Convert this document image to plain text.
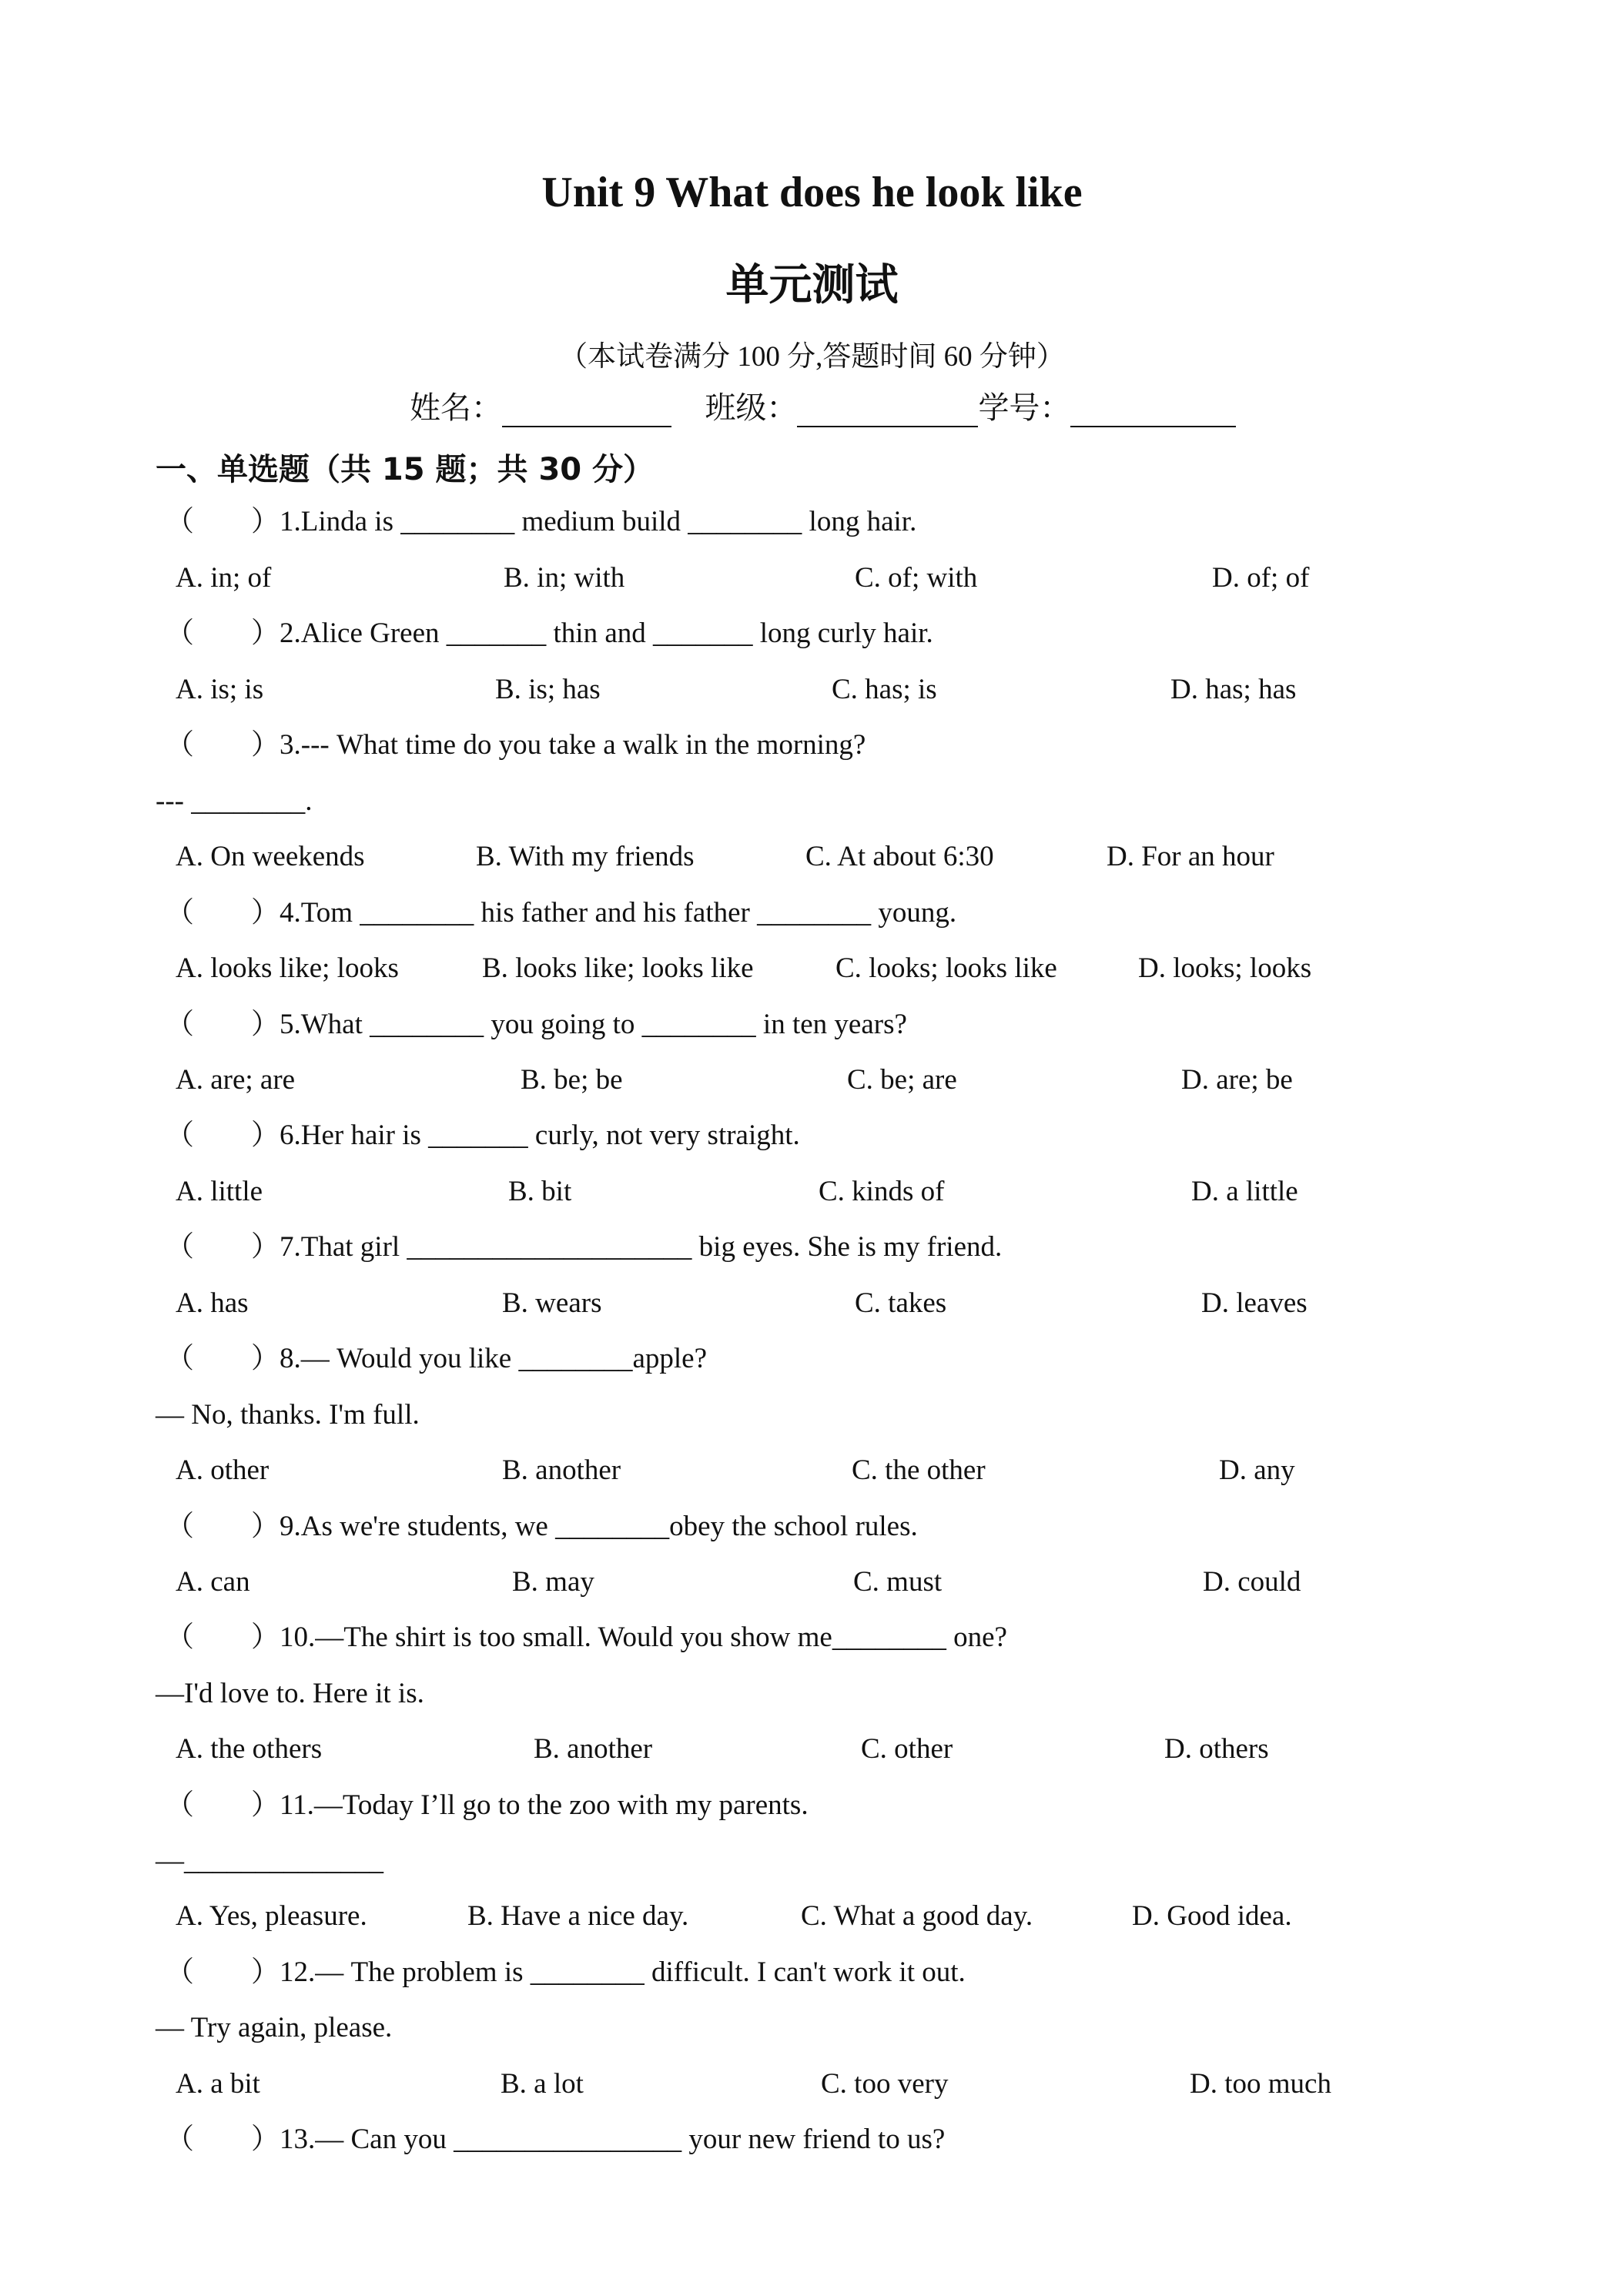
Unit 9 What does he look like
单元测试
（本试卷满分 100 分,答题时间 60 分钟）
姓名：	班级：	学号：
一、单选题（共 15 题；共 30 分）
（　　）1.Linda is ________ medium build ________ long hair.
A. in; of	B. in; with	C. of; with	D. of; of
（　　）2.Alice Green _______ thin and _______ long curly hair.
A. is; is	B. is; has	C. has; is	D. has; has
（　　）3.--- What time do you take a walk in the morning?
--- ________.
A. On weekends	B. With my friends	C. At about 6:30	D. For an hour
（　　）4.Tom ________ his father and his father ________ young.
A. looks like; looks	B. looks like; looks like	C. looks; looks like	D. looks; looks
（　　）5.What ________ you going to ________ in ten years?
A. are; are	B. be; be	C. be; are	D. are; be
（　　）6.Her hair is _______ curly, not very straight.
A. little	B. bit	C. kinds of	D. a little
（　　）7.That girl ____________________ big eyes. She is my friend.
A. has	B. wears	C. takes	D. leaves
（　　）8.— Would you like ________apple?
— No, thanks. I'm full.
A. other	B. another	C. the other	D. any
（　　）9.As we're students, we ________obey the school rules.
A. can	B. may	C. must	D. could
（　　）10.—The shirt is too small. Would you show me________ one?
—I'd love to. Here it is.
A. the others	B. another	C. other	D. others
（　　）11.—Today I’ll go to the zoo with my parents.
—______________
A. Yes, pleasure.	B. Have a nice day.	C. What a good day.	D. Good idea.
（　　）12.— The problem is ________ difficult. I can't work it out.
— Try again, please.
A. a bit	B. a lot	C. too very	D. too much
（　　）13.— Can you ________________ your new friend to us?
